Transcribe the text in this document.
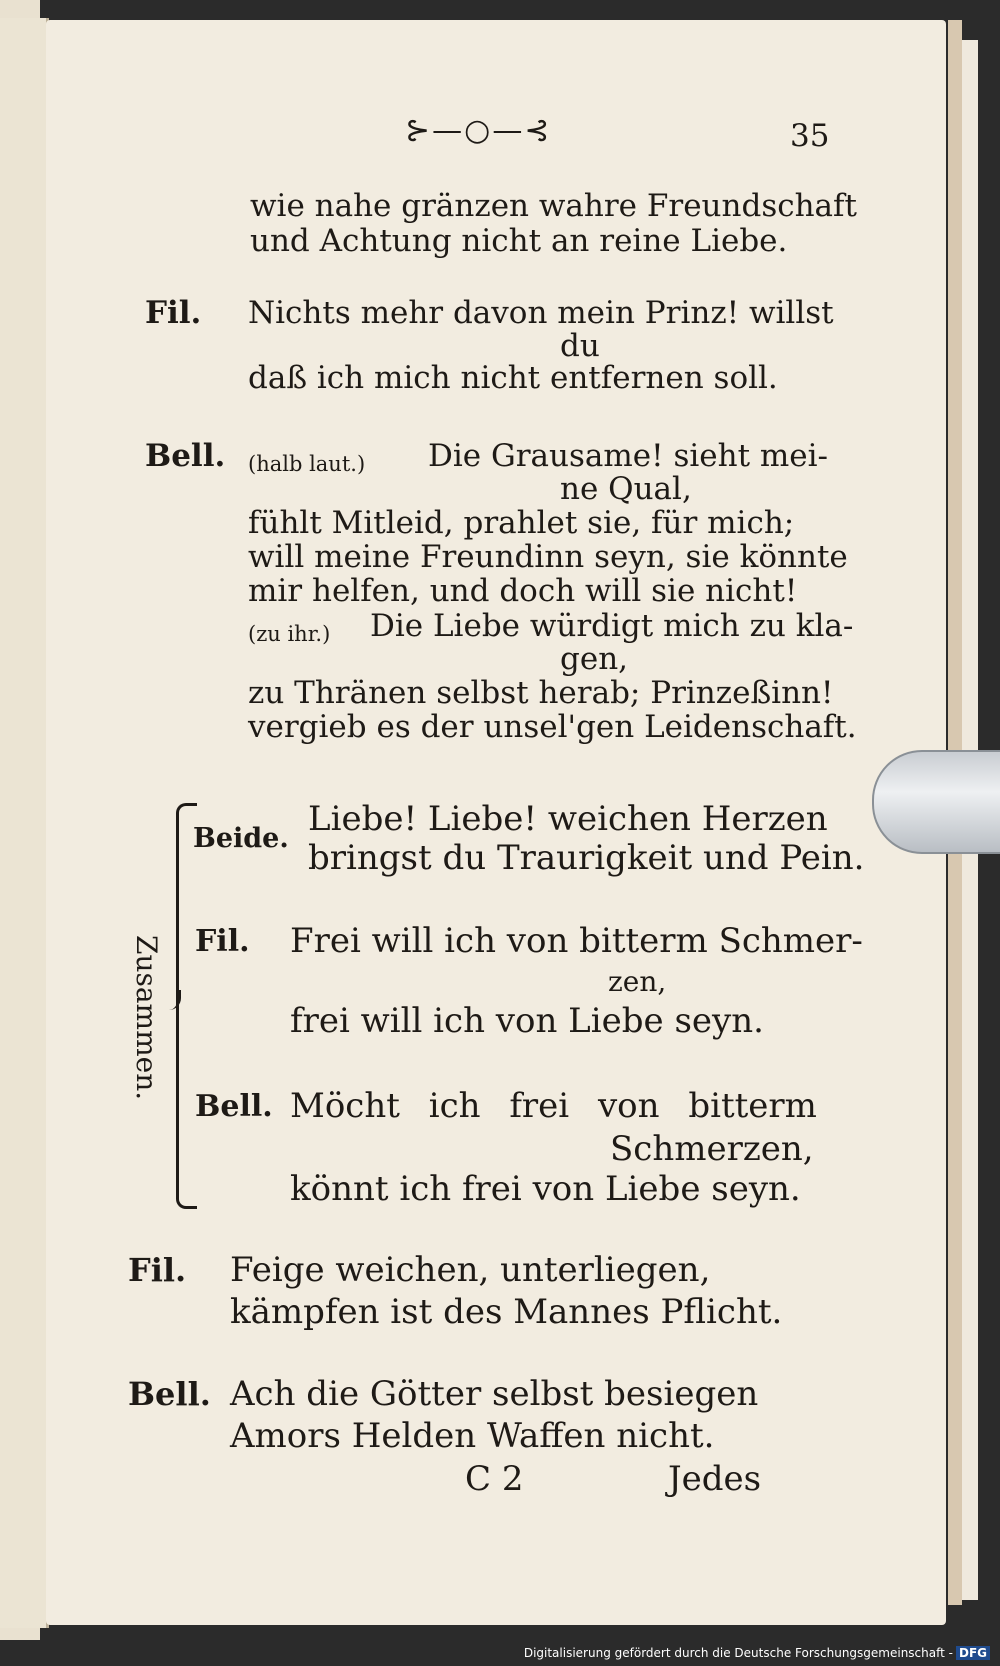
⊱—○—⊰	35
wie nahe gränzen wahre Freundschaft
und Achtung nicht an reine Liebe.
Fil. Nichts mehr davon mein Prinz! willst
du
daß ich mich nicht entfernen soll.
Bell. (halb laut.) Die Grausame! sieht mei-
ne Qual,
fühlt Mitleid, prahlet sie, für mich;
will meine Freundinn seyn, sie könnte
mir helfen, und doch will sie nicht!
(zu ihr.) Die Liebe würdigt mich zu kla-
gen,
zu Thränen selbst herab; Prinzeßinn!
vergieb es der unsel'gen Leidenschaft.
Zusammen.
Beide. Liebe! Liebe! weichen Herzen
bringst du Traurigkeit und Pein.
Fil. Frei will ich von bitterm Schmer-
zen,
frei will ich von Liebe seyn.
Bell. Möcht ich frei von bitterm
Schmerzen,
könnt ich frei von Liebe seyn.
Fil. Feige weichen, unterliegen,
kämpfen ist des Mannes Pflicht.
Bell. Ach die Götter selbst besiegen
Amors Helden Waffen nicht.
C 2	Jedes
Digitalisierung gefördert durch die Deutsche Forschungsgemeinschaft - DFG
